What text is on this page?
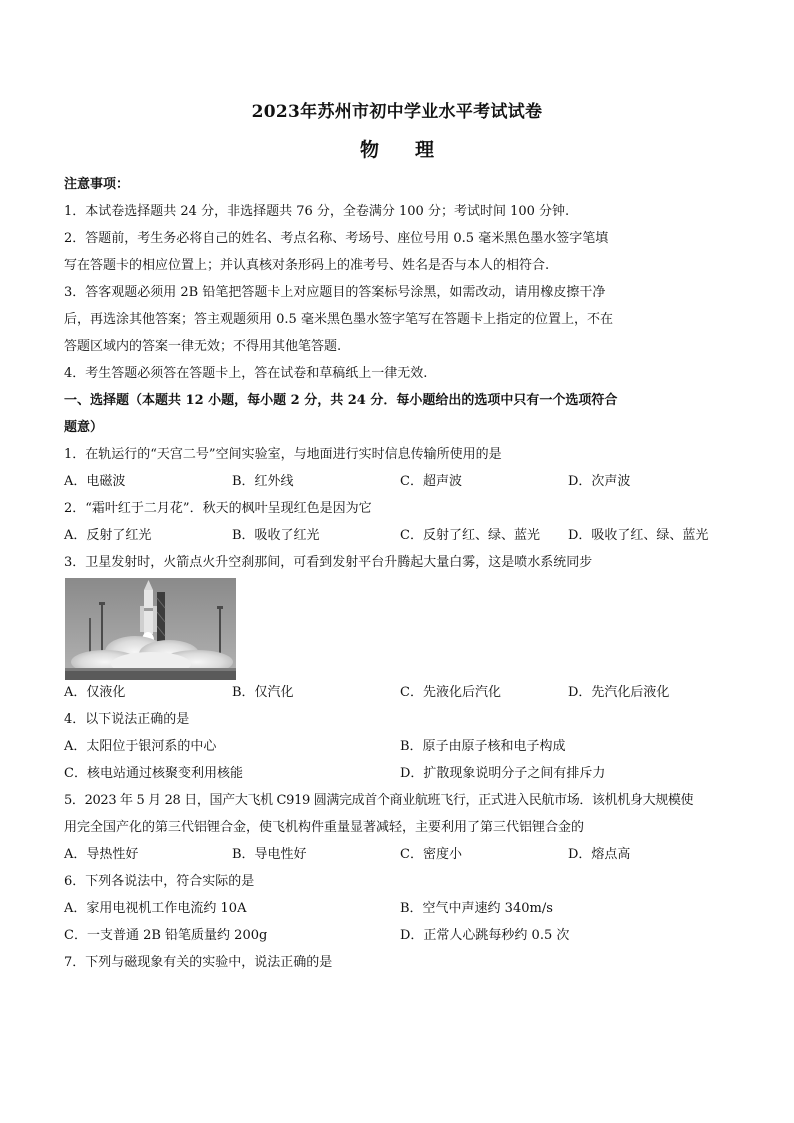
2023年苏州市初中学业水平考试试卷
物 理
注意事项：
1．本试卷选择题共 24 分，非选择题共 76 分，全卷满分 100 分；考试时间 100 分钟.
2．答题前，考生务必将自己的姓名、考点名称、考场号、座位号用 0.5 毫米黑色墨水签字笔填
写在答题卡的相应位置上；并认真核对条形码上的准考号、姓名是否与本人的相符合.
3．答客观题必须用 2B 铅笔把答题卡上对应题目的答案标号涂黑，如需改动，请用橡皮擦干净
后，再选涂其他答案；答主观题须用 0.5 毫米黑色墨水签字笔写在答题卡上指定的位置上，不在
答题区域内的答案一律无效；不得用其他笔答题.
4．考生答题必须答在答题卡上，答在试卷和草稿纸上一律无效.
一、选择题（本题共 12 小题，每小题 2 分，共 24 分．每小题给出的选项中只有一个选项符合
题意）
1．在轨运行的“天宫二号”空间实验室，与地面进行实时信息传输所使用的是
A．电磁波	B．红外线	C．超声波	D．次声波
2．“霜叶红于二月花”．秋天的枫叶呈现红色是因为它
A．反射了红光	B．吸收了红光	C．反射了红、绿、蓝光 D．吸收了红、绿、蓝光
3．卫星发射时，火箭点火升空刹那间，可看到发射平台升腾起大量白雾，这是喷水系统同步
A．仅液化	B．仅汽化	C．先液化后汽化	D．先汽化后液化
4．以下说法正确的是
A．太阳位于银河系的中心	B．原子由原子核和电子构成
C．核电站通过核聚变利用核能	D．扩散现象说明分子之间有排斥力
5．2023 年 5 月 28 日，国产大飞机 C919 圆满完成首个商业航班飞行，正式进入民航市场．该机机身大规模使
用完全国产化的第三代铝锂合金，使飞机构件重量显著减轻，主要利用了第三代铝锂合金的
A．导热性好	B．导电性好	C．密度小	D．熔点高
6．下列各说法中，符合实际的是
A．家用电视机工作电流约 10A	B．空气中声速约 340m/s
C．一支普通 2B 铅笔质量约 200g	D．正常人心跳每秒约 0.5 次
7．下列与磁现象有关的实验中，说法正确的是
